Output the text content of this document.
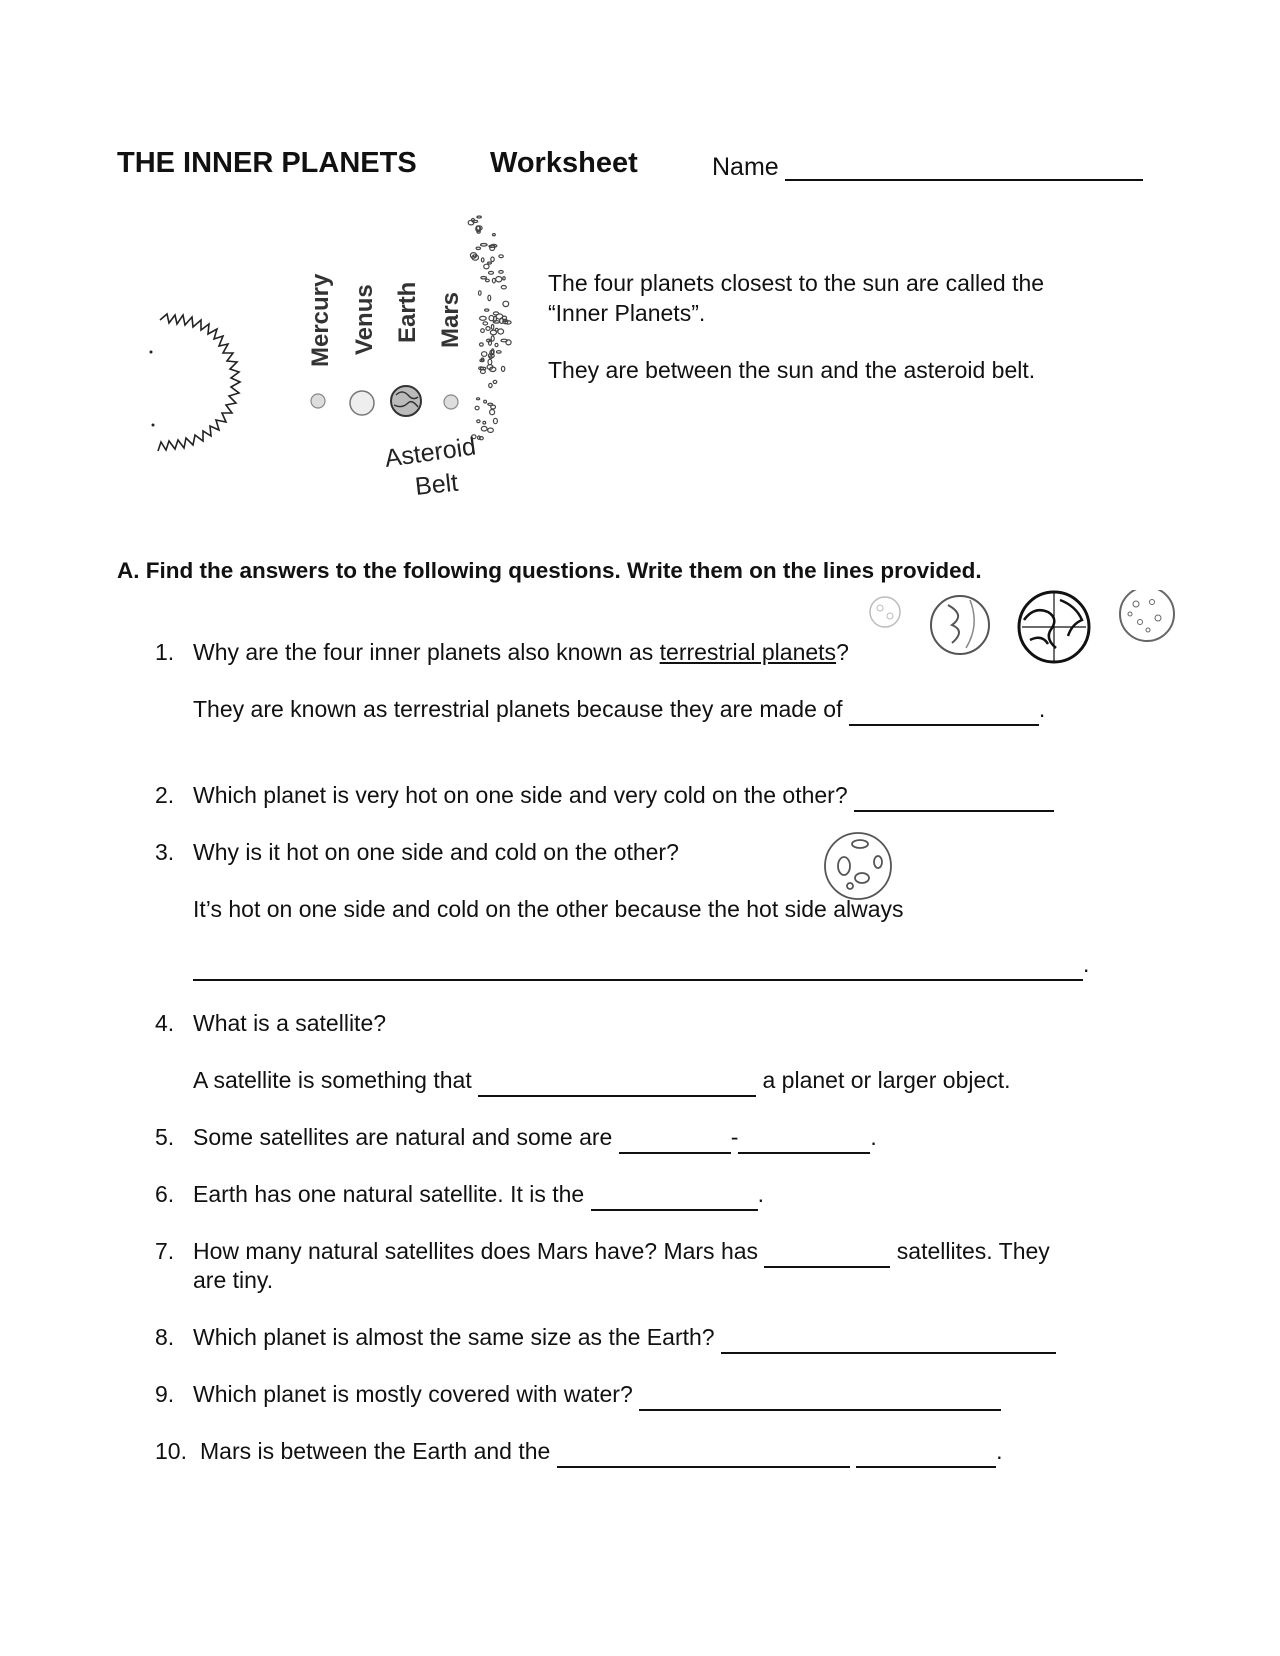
THE INNER PLANETS	Worksheet	Name
Mercury Venus Earth Mars
Asteroid
Belt
The four planets closest to the sun are called the
“Inner Planets”.
They are between the sun and the asteroid belt.
A. Find the answers to the following questions. Write them on the lines provided.
1. Why are the four inner planets also known as terrestrial planets?
They are known as terrestrial planets because they are made of	.
2. Which planet is very hot on one side and very cold on the other?
3. Why is it hot on one side and cold on the other?
It’s hot on one side and cold on the other because the hot side always
.
4. What is a satellite?
A satellite is something that	a planet or larger object.
5. Some satellites are natural and some are	-	.
6. Earth has one natural satellite. It is the	.
7. How many natural satellites does Mars have? Mars has	satellites. They
are tiny.
8. Which planet is almost the same size as the Earth?
9. Which planet is mostly covered with water?
10. Mars is between the Earth and the	.
